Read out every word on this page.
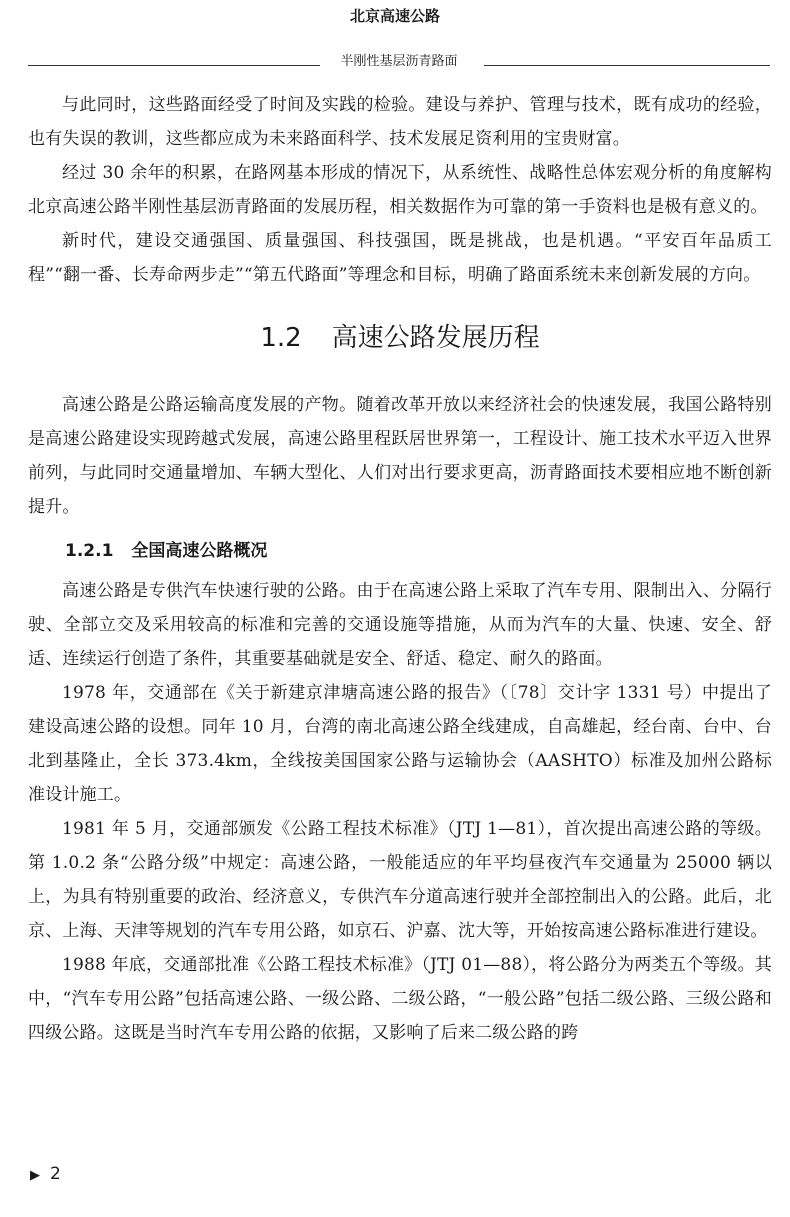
北京高速公路
半刚性基层沥青路面

与此同时，这些路面经受了时间及实践的检验。建设与养护、管理与技术，既有成功的经验，也有失误的教训，这些都应成为未来路面科学、技术发展足资利用的宝贵财富。

经过 30 余年的积累，在路网基本形成的情况下，从系统性、战略性总体宏观分析的角度解构北京高速公路半刚性基层沥青路面的发展历程，相关数据作为可靠的第一手资料也是极有意义的。

新时代，建设交通强国、质量强国、科技强国，既是挑战，也是机遇。“平安百年品质工程”“翻一番、长寿命两步走”“第五代路面”等理念和目标，明确了路面系统未来创新发展的方向。

1.2 高速公路发展历程

高速公路是公路运输高度发展的产物。随着改革开放以来经济社会的快速发展，我国公路特别是高速公路建设实现跨越式发展，高速公路里程跃居世界第一，工程设计、施工技术水平迈入世界前列，与此同时交通量增加、车辆大型化、人们对出行要求更高，沥青路面技术要相应地不断创新提升。

1.2.1 全国高速公路概况

高速公路是专供汽车快速行驶的公路。由于在高速公路上采取了汽车专用、限制出入、分隔行驶、全部立交及采用较高的标准和完善的交通设施等措施，从而为汽车的大量、快速、安全、舒适、连续运行创造了条件，其重要基础就是安全、舒适、稳定、耐久的路面。

1978 年，交通部在《关于新建京津塘高速公路的报告》（〔78〕交计字 1331 号）中提出了建设高速公路的设想。同年 10 月，台湾的南北高速公路全线建成，自高雄起，经台南、台中、台北到基隆止，全长 373.4km，全线按美国国家公路与运输协会（AASHTO）标准及加州公路标准设计施工。

1981 年 5 月，交通部颁发《公路工程技术标准》（JTJ 1—81），首次提出高速公路的等级。第 1.0.2 条“公路分级”中规定：高速公路，一般能适应的年平均昼夜汽车交通量为 25000 辆以上，为具有特别重要的政治、经济意义，专供汽车分道高速行驶并全部控制出入的公路。此后，北京、上海、天津等规划的汽车专用公路，如京石、沪嘉、沈大等，开始按高速公路标准进行建设。

1988 年底，交通部批准《公路工程技术标准》（JTJ 01—88），将公路分为两类五个等级。其中，“汽车专用公路”包括高速公路、一级公路、二级公路，“一般公路”包括二级公路、三级公路和四级公路。这既是当时汽车专用公路的依据，又影响了后来二级公路的跨

▶ 2
